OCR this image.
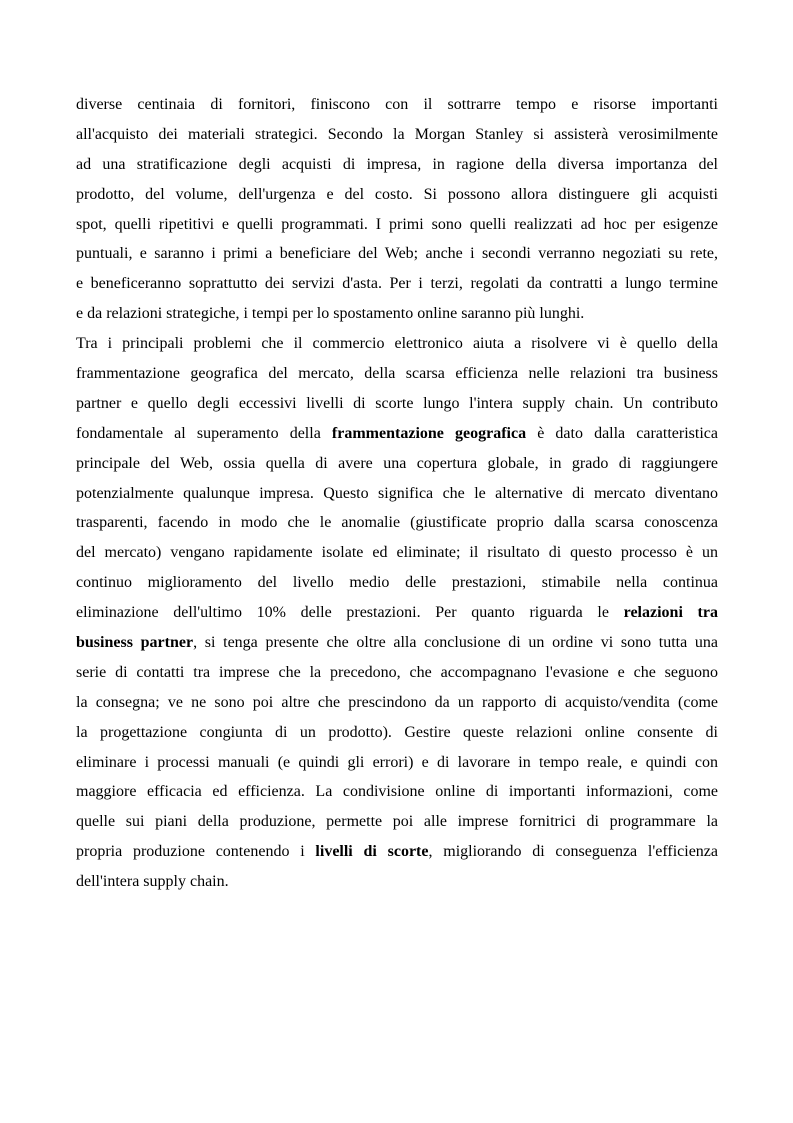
diverse centinaia di fornitori, finiscono con il sottrarre tempo e risorse importanti
all'acquisto dei materiali strategici. Secondo la Morgan Stanley si assisterà verosimilmente
ad una stratificazione degli acquisti di impresa, in ragione della diversa importanza del
prodotto, del volume, dell'urgenza e del costo. Si possono allora distinguere gli acquisti
spot, quelli ripetitivi e quelli programmati. I primi sono quelli realizzati ad hoc per esigenze
puntuali, e saranno i primi a beneficiare del Web; anche i secondi verranno negoziati su rete,
e beneficeranno soprattutto dei servizi d'asta. Per i terzi, regolati da contratti a lungo termine
e da relazioni strategiche, i tempi per lo spostamento online saranno più lunghi.
Tra i principali problemi che il commercio elettronico aiuta a risolvere vi è quello della
frammentazione geografica del mercato, della scarsa efficienza nelle relazioni tra business
partner e quello degli eccessivi livelli di scorte lungo l'intera supply chain. Un contributo
fondamentale al superamento della frammentazione geografica è dato dalla caratteristica
principale del Web, ossia quella di avere una copertura globale, in grado di raggiungere
potenzialmente qualunque impresa. Questo significa che le alternative di mercato diventano
trasparenti, facendo in modo che le anomalie (giustificate proprio dalla scarsa conoscenza
del mercato) vengano rapidamente isolate ed eliminate; il risultato di questo processo è un
continuo miglioramento del livello medio delle prestazioni, stimabile nella continua
eliminazione dell'ultimo 10% delle prestazioni. Per quanto riguarda le relazioni tra
business partner, si tenga presente che oltre alla conclusione di un ordine vi sono tutta una
serie di contatti tra imprese che la precedono, che accompagnano l'evasione e che seguono
la consegna; ve ne sono poi altre che prescindono da un rapporto di acquisto/vendita (come
la progettazione congiunta di un prodotto). Gestire queste relazioni online consente di
eliminare i processi manuali (e quindi gli errori) e di lavorare in tempo reale, e quindi con
maggiore efficacia ed efficienza. La condivisione online di importanti informazioni, come
quelle sui piani della produzione, permette poi alle imprese fornitrici di programmare la
propria produzione contenendo i livelli di scorte, migliorando di conseguenza l'efficienza
dell'intera supply chain.
